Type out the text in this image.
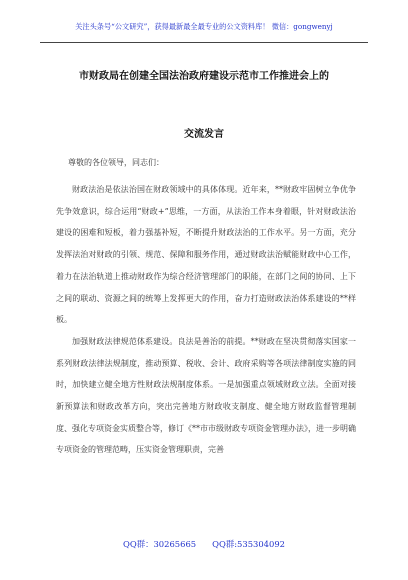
关注头条号“公文研究”，获得最新最全最专业的公文资料库！ 微信：gongwenyj
市财政局在创建全国法治政府建设示范市工作推进会上的
交流发言
尊敬的各位领导，同志们：

财政法治是依法治国在财政领域中的具体体现。近年来，**财政牢固树立争优争先争效意识，综合运用“财政+”思维，一方面，从法治工作本身着眼，针对财政法治建设的困难和短板，着力强基补短，不断提升财政法治的工作水平。另一方面，充分发挥法治对财政的引领、规范、保障和服务作用，通过财政法治赋能财政中心工作，着力在法治轨道上推动财政作为综合经济管理部门的职能，在部门之间的协同、上下之间的联动、资源之间的统筹上发挥更大的作用，奋力打造财政法治体系建设的**样板。

加强财政法律规范体系建设。良法是善治的前提。**财政在坚决贯彻落实国家一系列财政法律法规制度，推动预算、税收、会计、政府采购等各项法律制度实施的同时，加快建立健全地方性财政法规制度体系。一是加强重点领域财政立法。全面对接新预算法和财政改革方向，突出完善地方财政收支制度、健全地方财政监督管理制度、强化专项资金实质整合等，修订《**市市级财政专项资金管理办法》，进一步明确专项资金的管理范畴，压实资金管理职责，完善

QQ群：30265665 QQ群:535304092
